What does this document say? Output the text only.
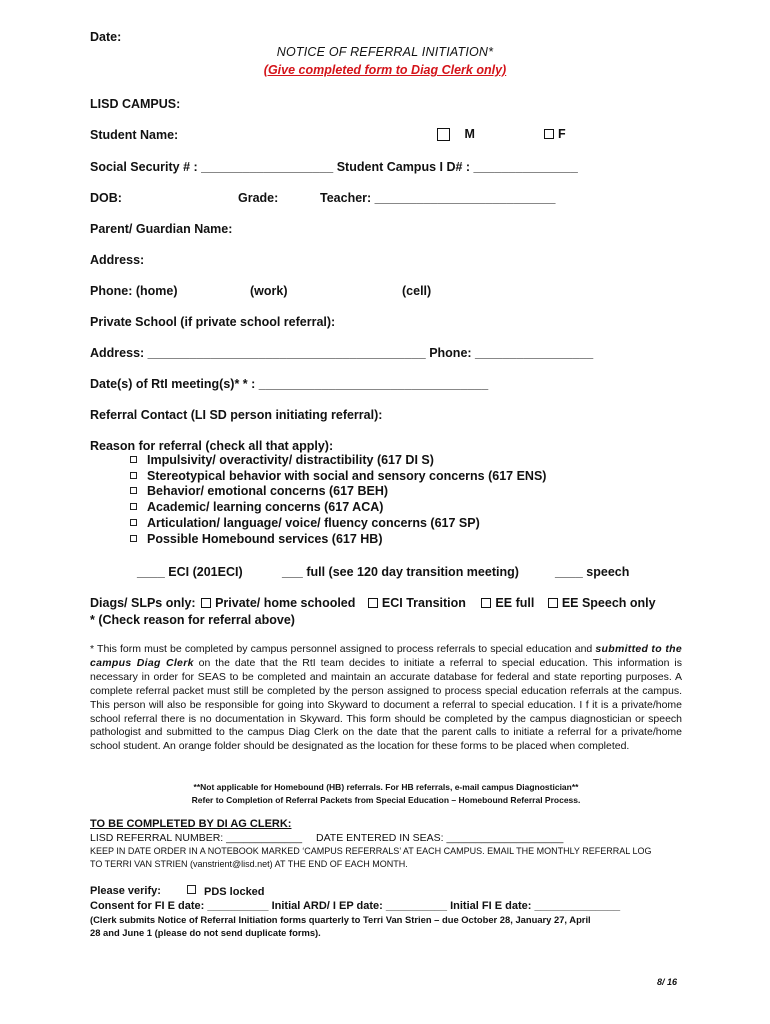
Date:
NOTICE OF REFERRAL INITIATION*
(Give completed form to Diag Clerk only)
LISD CAMPUS:
Student Name:	M	F
Social Security # : ___________________ Student Campus I D# : _______________
DOB:	Grade:	Teacher: __________________________
Parent/ Guardian Name:
Address:
Phone: (home)	(work)	(cell)
Private School (if private school referral):
Address: ________________________________________ Phone: _________________
Date(s) of RtI meeting(s)* * : _________________________________
Referral Contact (LI SD person initiating referral):
Reason for referral (check all that apply):
Impulsivity/ overactivity/ distractibility (617 DI S)
Stereotypical behavior with social and sensory concerns (617 ENS)
Behavior/ emotional concerns (617 BEH)
Academic/ learning concerns (617 ACA)
Articulation/ language/ voice/ fluency concerns (617 SP)
Possible Homebound services (617 HB)
____ ECI (201ECI)	___ full (see 120 day transition meeting)	____ speech
Diags/ SLPs only: Private/ home schooled ECI Transition EE full EE Speech only
* (Check reason for referral above)
* This form must be completed by campus personnel assigned to process referrals to special education and submitted to the campus Diag Clerk on the date that the RtI team decides to initiate a referral to special education. This information is necessary in order for SEAS to be completed and maintain an accurate database for federal and state reporting purposes. A complete referral packet must still be completed by the person assigned to process special education referrals at the campus. This person will also be responsible for going into Skyward to document a referral to special education. I f it is a private/home school referral there is no documentation in Skyward. This form should be completed by the campus diagnostician or speech pathologist and submitted to the campus Diag Clerk on the date that the parent calls to initiate a referral for a private/home school student. An orange folder should be designated as the location for these forms to be placed when completed.
**Not applicable for Homebound (HB) referrals. For HB referrals, e-mail campus Diagnostician**
Refer to Completion of Referral Packets from Special Education – Homebound Referral Process.
TO BE COMPLETED BY DI AG CLERK:
LISD REFERRAL NUMBER: _____________ DATE ENTERED IN SEAS: ____________________
KEEP IN DATE ORDER IN A NOTEBOOK MARKED ‘CAMPUS REFERRALS’ AT EACH CAMPUS. EMAIL THE MONTHLY REFERRAL LOG
TO TERRI VAN STRIEN (vanstrient@lisd.net) AT THE END OF EACH MONTH.
Please verify:	PDS locked
Consent for FI E date: __________ Initial ARD/ I EP date: __________ Initial FI E date: ______________
(Clerk submits Notice of Referral Initiation forms quarterly to Terri Van Strien – due October 28, January 27, April
28 and June 1 (please do not send duplicate forms).
8/ 16
